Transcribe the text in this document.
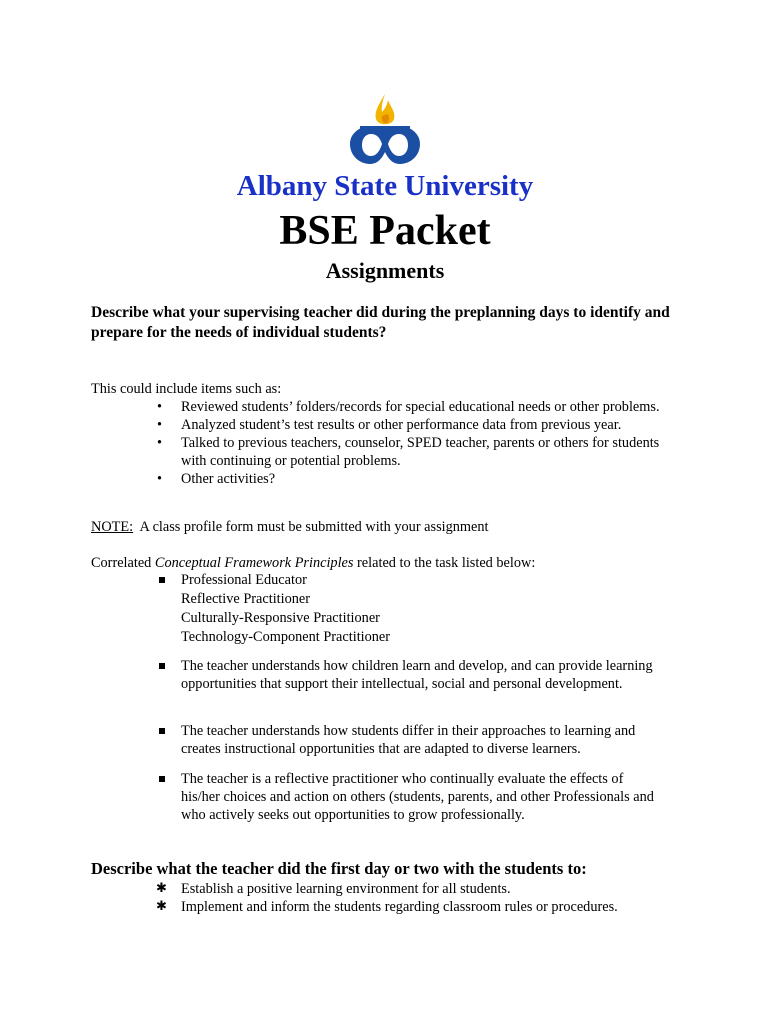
Albany State University
BSE Packet
Assignments
Describe what your supervising teacher did during the preplanning days to identify and prepare for the needs of individual students?
This could include items such as:
• Reviewed students’ folders/records for special educational needs or other problems.
• Analyzed student’s test results or other performance data from previous year.
• Talked to previous teachers, counselor, SPED teacher, parents or others for students with continuing or potential problems.
• Other activities?
NOTE:  A class profile form must be submitted with your assignment
Correlated Conceptual Framework Principles related to the task listed below:
Professional Educator
Reflective Practitioner
Culturally-Responsive Practitioner
Technology-Component Practitioner
The teacher understands how children learn and develop, and can provide learning opportunities that support their intellectual, social and personal development.
The teacher understands how students differ in their approaches to learning and creates instructional opportunities that are adapted to diverse learners.
The teacher is a reflective practitioner who continually evaluate the effects of his/her choices and action on others (students, parents, and other Professionals and who actively seeks out opportunities to grow professionally.
Describe what the teacher did the first day or two with the students to:
✱ Establish a positive learning environment for all students.
✱ Implement and inform the students regarding classroom rules or procedures.
